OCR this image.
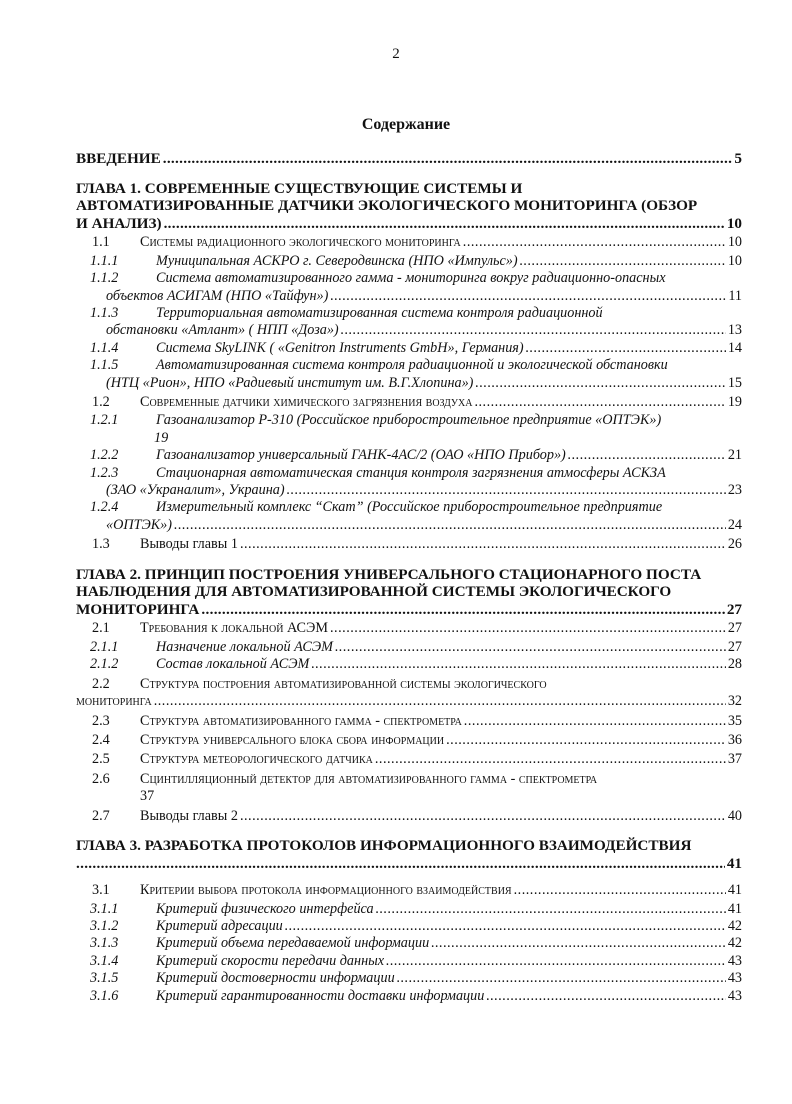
2
Содержание
ВВЕДЕНИЕ .....	5
ГЛАВА 1. СОВРЕМЕННЫЕ СУЩЕСТВУЮЩИЕ СИСТЕМЫ И
АВТОМАТИЗИРОВАННЫЕ ДАТЧИКИ ЭКОЛОГИЧЕСКОГО МОНИТОРИНГА (ОБЗОР
И АНАЛИЗ) .....	10
1.1 Системы радиационного экологического мониторинга .....	10
1.1.1	Муниципальная АСКРО г. Северодвинска (НПО «Импульс») .....	10
1.1.2	Система автоматизированного гамма - мониторинга вокруг радиационно-опасных
объектов АСИГАМ (НПО «Тайфун») .....	11
1.1.3	Территориальная автоматизированная система контроля радиационной
обстановки «Атлант» ( НПП «Доза») .....	13
1.1.4	Система SkyLINK ( «Genitron Instruments GmbH», Германия) .....	14
1.1.5	Автоматизированная система контроля радиационной и экологической обстановки
(НТЦ «Рион», НПО «Радиевый институт им. В.Г.Хлопина») .....	15
1.2 Современные датчики химического загрязнения воздуха .....	19
1.2.1	Газоанализатор Р-310 (Российское приборостроительное предприятие «ОПТЭК»)
19
1.2.2	Газоанализатор универсальный ГАНК-4АС/2 (ОАО «НПО Прибор») .....	21
1.2.3	Стационарная автоматическая станция контроля загрязнения атмосферы АСКЗА
(ЗАО «Украналит», Украина) .....	23
1.2.4	Измерительный комплекс “Скат” (Российское приборостроительное предприятие
«ОПТЭК») .....	24
1.3 Выводы главы 1 .....	26
ГЛАВА 2. ПРИНЦИП ПОСТРОЕНИЯ УНИВЕРСАЛЬНОГО СТАЦИОНАРНОГО ПОСТА
НАБЛЮДЕНИЯ ДЛЯ АВТОМАТИЗИРОВАННОЙ СИСТЕМЫ ЭКОЛОГИЧЕСКОГО
МОНИТОРИНГА .....	27
2.1 Требования к локальной АСЭМ .....	27
2.1.1	Назначение локальной АСЭМ .....	27
2.1.2	Состав локальной АСЭМ .....	28
2.2 Структура построения автоматизированной системы экологического
мониторинга .....	32
2.3 Структура автоматизированного гамма - спектрометра .....	35
2.4 Структура универсального блока сбора информации .....	36
2.5 Структура метеорологического датчика .....	37
2.6 Сцинтилляционный детектор для автоматизированного гамма - спектрометра
37
2.7 Выводы главы 2 .....	40
ГЛАВА 3. РАЗРАБОТКА ПРОТОКОЛОВ ИНФОРМАЦИОННОГО ВЗАИМОДЕЙСТВИЯ
.....
41
3.1 Критерии выбора протокола информационного взаимодействия .....	41
3.1.1	Критерий физического интерфейса .....	41
3.1.2	Критерий адресации .....	42
3.1.3	Критерий объема передаваемой информации .....	42
3.1.4	Критерий скорости передачи данных .....	43
3.1.5	Критерий достоверности информации .....	43
3.1.6	Критерий гарантированности доставки информации .....	43
